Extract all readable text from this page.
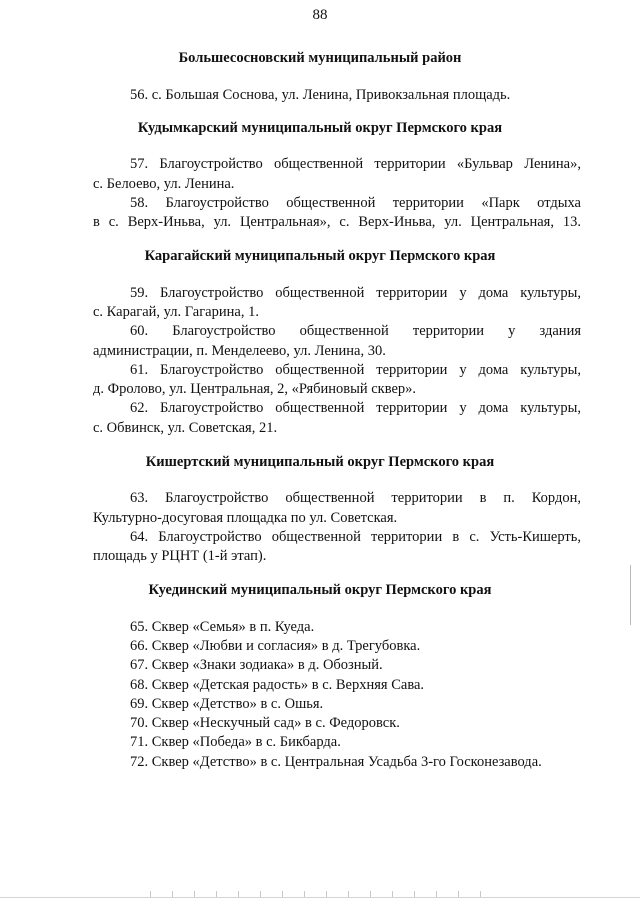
88
Большесосновский муниципальный район
56. с. Большая Соснова, ул. Ленина, Привокзальная площадь.
Кудымкарский муниципальный округ Пермского края
57. Благоустройство общественной территории «Бульвар Ленина»,
с. Белоево, ул. Ленина.
58. Благоустройство общественной территории «Парк отдыха
в с. Верх-Иньва, ул. Центральная», с. Верх-Иньва, ул. Центральная, 13.
Карагайский муниципальный округ Пермского края
59. Благоустройство общественной территории у дома культуры,
с. Карагай, ул. Гагарина, 1.
60. Благоустройство общественной территории у здания
администрации, п. Менделеево, ул. Ленина, 30.
61. Благоустройство общественной территории у дома культуры,
д. Фролово, ул. Центральная, 2, «Рябиновый сквер».
62. Благоустройство общественной территории у дома культуры,
с. Обвинск, ул. Советская, 21.
Кишертский муниципальный округ Пермского края
63. Благоустройство общественной территории в п. Кордон,
Культурно-досуговая площадка по ул. Советская.
64. Благоустройство общественной территории в с. Усть-Кишерть,
площадь у РЦНТ (1-й этап).
Куединский муниципальный округ Пермского края
65. Сквер «Семья» в п. Куеда.
66. Сквер «Любви и согласия» в д. Трегубовка.
67. Сквер «Знаки зодиака» в д. Обозный.
68. Сквер «Детская радость» в с. Верхняя Сава.
69. Сквер «Детство» в с. Ошья.
70. Сквер «Нескучный сад» в с. Федоровск.
71. Сквер «Победа» в с. Бикбарда.
72. Сквер «Детство» в с. Центральная Усадьба 3-го Госконезавода.
